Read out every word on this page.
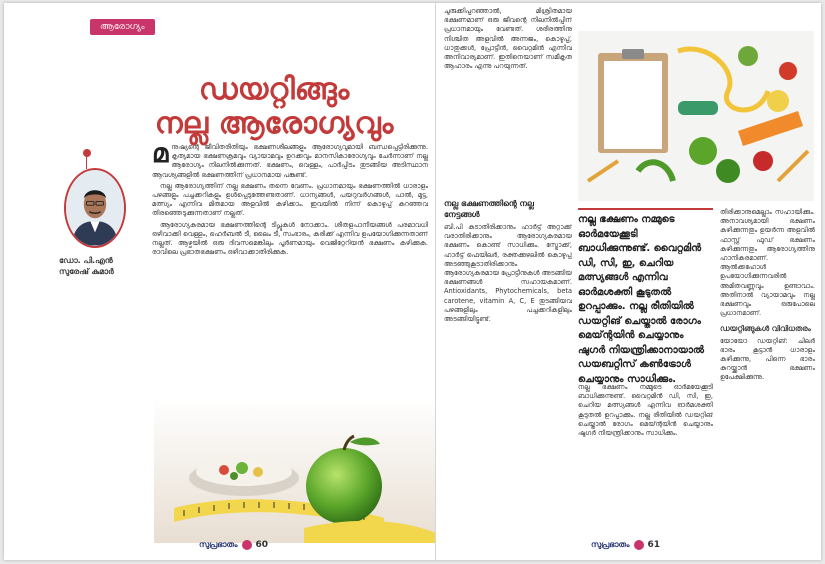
ആരോഗ്യം
ഡയറ്റിങ്ങും
നല്ല ആരോഗ്യവും
ഡോ. പി.എൻ
സുരേഷ് കുമാർ
മ നുഷ്യന്റെ ജീവിതരീതിയും ഭക്ഷണശീലങ്ങളും ആരോഗ്യവുമായി ബന്ധപ്പെട്ടിരിക്കുന്നു. കൃത്യമായ ഭക്ഷണക്രമവും വ്യായാമവും ഉറക്കവും മാനസികാരോഗ്യവും ചേർന്നാണ് നല്ല ആരോഗ്യം നിലനിൽക്കുന്നത്. ഭക്ഷണം, വെള്ളം, പാർപ്പിടം തുടങ്ങിയ അടിസ്ഥാന ആവശ്യങ്ങളിൽ ഭക്ഷണത്തിന് പ്രധാനമായ പങ്കുണ്ട്.

നല്ല ആരോഗ്യത്തിന് നല്ല ഭക്ഷണം തന്നെ വേണം. പ്രധാനമായും ഭക്ഷണത്തിൽ ധാരാളം പഴങ്ങളും പച്ചക്കറികളും ഉൾപ്പെടുത്തേണ്ടതാണ്. ധാന്യങ്ങൾ, പയറുവർഗങ്ങൾ, പാൽ, മുട്ട, മത്സ്യം എന്നിവ മിതമായ അളവിൽ കഴിക്കാം. ഇവയിൽ നിന്ന് കൊഴുപ്പ് കുറഞ്ഞവ തിരഞ്ഞെടുക്കുന്നതാണ് നല്ലത്.

ആരോഗ്യകരമായ ഭക്ഷണത്തിന്റെ ടിപ്സുകൾ നോക്കാം. ശീതളപാനീയങ്ങൾ പരമാവധി ഒഴിവാക്കി വെള്ളം, ഹെർബൽ ടീ, ലൈം ടീ, സംഭാരം, കരിക്ക് എന്നിവ ഉപയോഗിക്കുന്നതാണ് നല്ലത്. ആഴ്ചയിൽ ഒരു ദിവസമെങ്കിലും പൂർണമായും വെജിറ്റേറിയൻ ഭക്ഷണം കഴിക്കുക. രാവിലെ പ്രഭാതഭക്ഷണം ഒഴിവാക്കാതിരിക്കുക.

സുപ്രഭാതം 60
ചുരുക്കിപ്പറഞ്ഞാൽ, മിശ്രിതമായ ഭക്ഷണമാണ് ഒരു ജീവന്റെ നിലനിൽപ്പിന് പ്രധാനമായും വേണ്ടത്. ശരീരത്തിനു നിശ്ചിത അളവിൽ അന്നജം, കൊഴുപ്പ്, ധാതുക്കൾ, പ്രോട്ടീൻ, വൈറ്റമിൻ എന്നിവ അനിവാര്യമാണ്. ഇതിനെയാണ് സമീകൃത ആഹാരം എന്നു പറയുന്നത്.
നല്ല ഭക്ഷണത്തിന്റെ നല്ല നേട്ടങ്ങൾ
ബി.പി കുടാതിരിക്കാനും ഹാർട്ട് അറ്റാക്ക് വരാതിരിക്കാനും ആരോഗ്യകരമായ ഭക്ഷണം കൊണ്ട് സാധിക്കും. സ്ട്രോക്ക്, ഹാർട്ട് ഫെയിലർ, രക്തക്കുഴലിൽ കൊഴുപ്പ് അടഞ്ഞുകൂടാതിരിക്കാനും ആരോഗ്യകരമായ പ്രോട്ടീനുകൾ അടങ്ങിയ ഭക്ഷണങ്ങൾ സഹായകമാണ്. Antioxidants, Phytochemicals, beta carotene, vitamin A, C, E തുടങ്ങിയവ പഴങ്ങളിലും പച്ചക്കറികളിലും അടങ്ങിയിട്ടുണ്ട്.
നല്ല ഭക്ഷണം നമ്മുടെ ഓർമയേക്കൂടി ബാധിക്കുന്നുണ്ട്. വൈറ്റമിൻ ഡി, സി, ഇ, ചെറിയ മത്സ്യങ്ങൾ എന്നിവ ഓർമശക്തി കൂടുതൽ ഉറപ്പാക്കും. നല്ല രീതിയിൽ ഡയറ്റിങ് ചെയ്താൽ രോഗം മെയ്ന്റയിൻ ചെയ്യാനും ഷുഗർ നിയന്ത്രിക്കാനായാൽ ഡയബറ്റിസ് കൺട്രോൾ ചെയ്യാനും സാധിക്കും.
നല്ല ഭക്ഷണം നമ്മുടെ ഓർമയേക്കൂടി ബാധിക്കുന്നുണ്ട്. വൈറ്റമിൻ ഡി, സി, ഇ, ചെറിയ മത്സ്യങ്ങൾ എന്നിവ ഓർമശക്തി കൂടുതൽ ഉറപ്പാക്കും. നല്ല രീതിയിൽ ഡയറ്റിങ് ചെയ്താൽ രോഗം മെയ്ന്റയിൻ ചെയ്യാനും ഷുഗർ നിയന്ത്രിക്കാനും സാധിക്കും.

തിരിക്കാനുമെല്ലാം സഹായിക്കും. അനാവശ്യമായി ഭക്ഷണം കഴിക്കുന്നതും ഉയർന്ന അളവിൽ ഫാസ്റ്റ് ഫുഡ് ഭക്ഷണം കഴിക്കുന്നതും ആരോഗ്യത്തിനു ഹാനികരമാണ്. ആൽക്കഹോൾ ഉപയോഗിക്കുന്നവരിൽ അമിതവണ്ണവും ഉണ്ടാവാം. അതിനാൽ വ്യായാമവും നല്ല ഭക്ഷണവും ഒരുപോലെ പ്രധാനമാണ്.

ഡയറ്റിങ്ങുകൾ വിവിധതരം

യോയോ ഡയറ്റിങ്: ചിലർ ഭാരം കൂട്ടാൻ ധാരാളം കഴിക്കുന്നു, പിന്നെ ഭാരം കുറയ്ക്കാൻ ഭക്ഷണം ഉപേക്ഷിക്കുന്നു.

സുപ്രഭാതം 61
